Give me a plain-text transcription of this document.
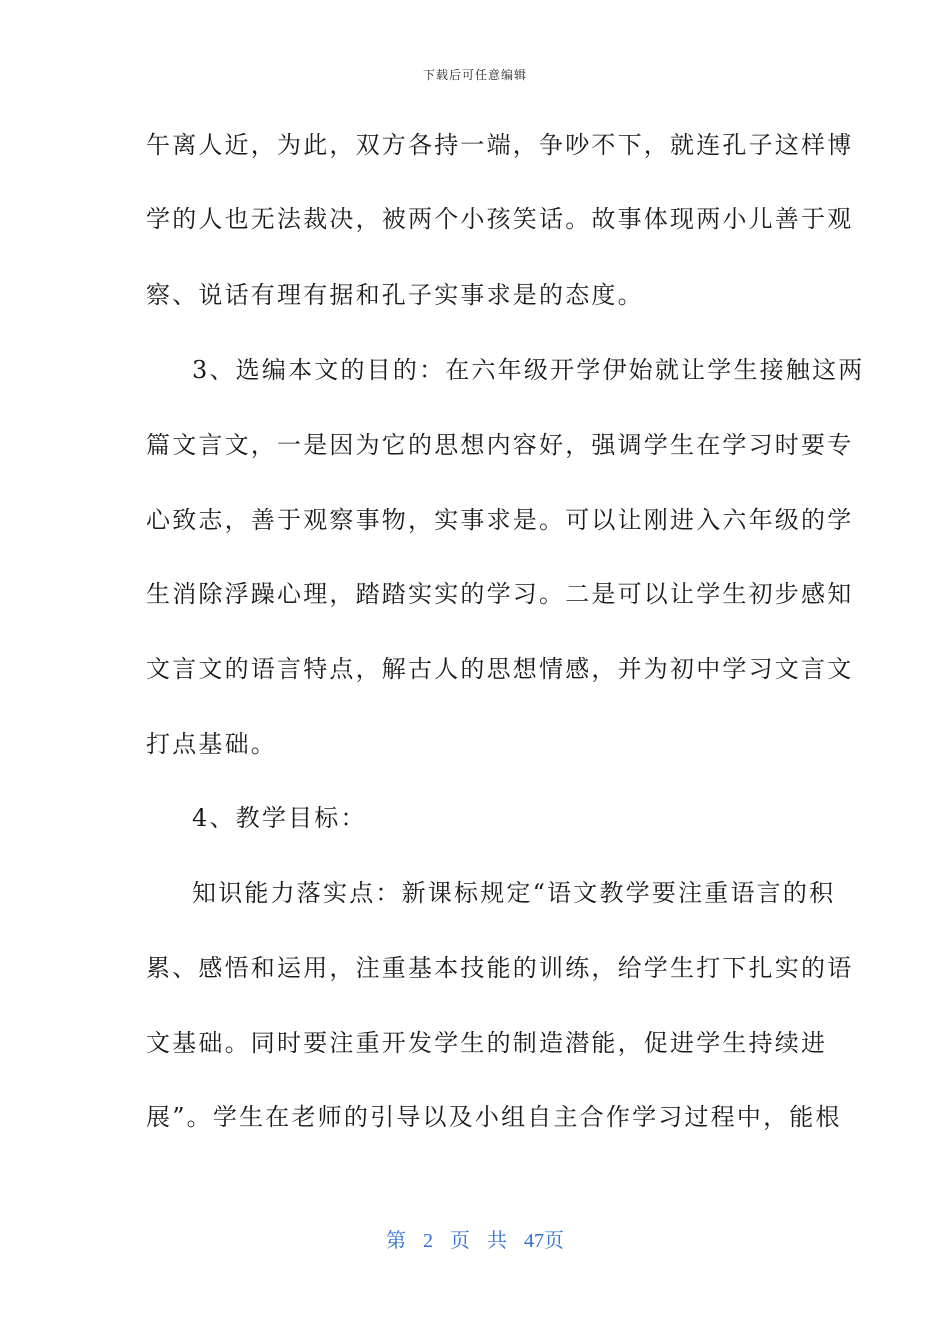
下载后可任意编辑
午离人近，为此，双方各持一端，争吵不下，就连孔子这样博
学的人也无法裁决，被两个小孩笑话。故事体现两小儿善于观
察、说话有理有据和孔子实事求是的态度。
3、选编本文的目的：在六年级开学伊始就让学生接触这两
篇文言文，一是因为它的思想内容好，强调学生在学习时要专
心致志，善于观察事物，实事求是。可以让刚进入六年级的学
生消除浮躁心理，踏踏实实的学习。二是可以让学生初步感知
文言文的语言特点，解古人的思想情感，并为初中学习文言文
打点基础。
4、教学目标：
知识能力落实点：新课标规定“语文教学要注重语言的积
累、感悟和运用，注重基本技能的训练，给学生打下扎实的语
文基础。同时要注重开发学生的制造潜能，促进学生持续进
展”。学生在老师的引导以及小组自主合作学习过程中，能根
第 2 页 共 47页
